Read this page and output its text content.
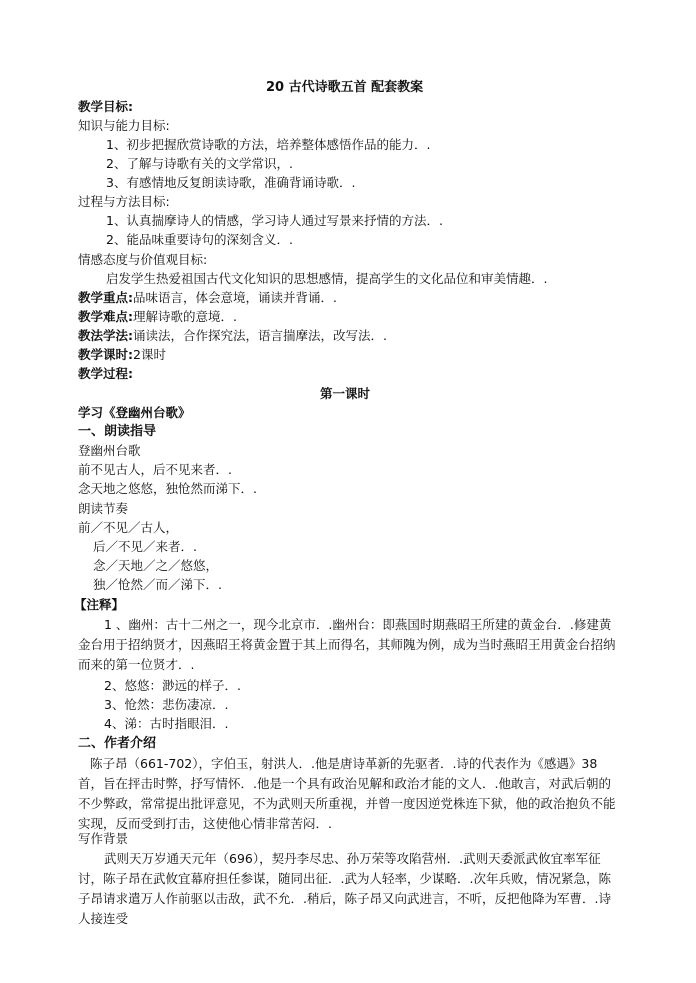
20 古代诗歌五首 配套教案
教学目标:
知识与能力目标:
1、初步把握欣赏诗歌的方法，培养整体感悟作品的能力．.
2、了解与诗歌有关的文学常识，.
3、有感情地反复朗读诗歌，准确背诵诗歌．.
过程与方法目标:
1、认真揣摩诗人的情感，学习诗人通过写景来抒情的方法．.
2、能品味重要诗句的深刻含义．.
情感态度与价值观目标:
启发学生热爱祖国古代文化知识的思想感情，提高学生的文化品位和审美情趣．.
教学重点:品味语言，体会意境，诵读并背诵．.
教学难点:理解诗歌的意境．.
教法学法:诵读法，合作探究法，语言揣摩法，改写法．.
教学课时:2课时
教学过程:
第一课时
学习《登幽州台歌》
一、朗读指导
登幽州台歌
前不见古人，后不见来者．.
念天地之悠悠，独怆然而涕下．.
朗读节奏
前／不见／古人，
后／不见／来者．.
念／天地／之／悠悠，
独／怆然／而／涕下．.
【注释】
1 、幽州：古十二州之一，现今北京市．.幽州台：即燕国时期燕昭王所建的黄金台．.修建黄金台用于招纳贤才，因燕昭王将黄金置于其上而得名，其师隗为例，成为当时燕昭王用黄金台招纳而来的第一位贤才．.
2、悠悠：渺远的样子．.
3、怆然：悲伤凄凉．.
4、涕：古时指眼泪．.
二、作者介绍
陈子昂（661-702），字伯玉，射洪人．.他是唐诗革新的先驱者．.诗的代表作为《感遇》38 首，旨在抨击时弊，抒写情怀．.他是一个具有政治见解和政治才能的文人．.他敢言，对武后朝的不少弊政，常常提出批评意见，不为武则天所重视，并曾一度因逆党株连下狱，他的政治抱负不能实现，反而受到打击，这使他心情非常苦闷．.
写作背景
武则天万岁通天元年（696），契丹李尽忠、孙万荣等攻陷营州．.武则天委派武攸宜率军征讨，陈子昂在武攸宜幕府担任参谋，随同出征．.武为人轻率，少谋略．.次年兵败，情况紧急，陈子昂请求遣万人作前驱以击敌，武不允．.稍后，陈子昂又向武进言，不听，反把他降为军曹．.诗人接连受
